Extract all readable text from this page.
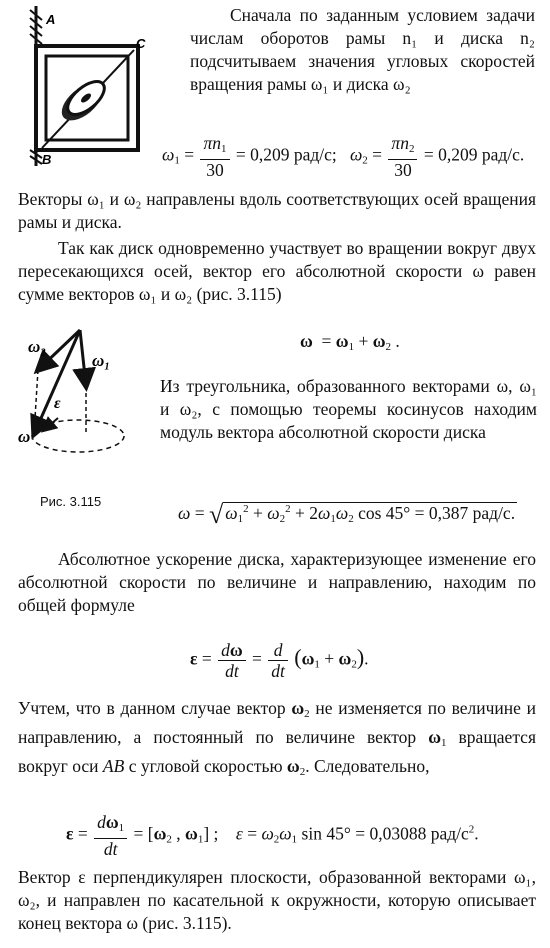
A
C
B

Сначала по заданным условием задачи числам оборотов рамы n₁ и диска n₂ подсчитываем значения угловых скоростей вращения рамы ω₁ и диска ω₂

$\omega_1 = \frac{\pi n_1}{30} = 0,209$ рад/с; $\omega_2 = \frac{\pi n_2}{30} = 0,209$ рад/с.

Векторы ω₁ и ω₂ направлены вдоль соответствующих осей вращения рамы и диска.

Так как диск одновременно участвует во вращении вокруг двух пересекающихся осей, вектор его абсолютной скорости ω равен сумме векторов ω₁ и ω₂ (рис. 3.115)

ω₂
ω₁
ε
ω
$\omega = \omega_1 + \omega_2$ .

Из треугольника, образованного векторами ω, ω₁ и ω₂, с помощью теоремы косинусов находим модуль вектора абсолютной скорости диска

Рис. 3.115
ω = √ $\omega_1^2 + \omega_2^2 + 2\omega_1\omega_2$ cos 45° = 0,387 рад/с.

Абсолютное ускорение диска, характеризующее изменение его абсолютной скорости по величине и направлению, находим по общей формуле

$\varepsilon = \frac{d\omega}{dt} = \frac{d}{dt} (\omega_1 + \omega_2)$.

Учтем, что в данном случае вектор $\omega_2$ не изменяется по величине и направлению, а постоянный по величине вектор $\omega_1$ вращается вокруг оси AB с угловой скоростью $\omega_2$. Следовательно,

$\varepsilon = \frac{d\omega_1}{dt} = [\omega_2$ , $\omega_1$] ;    $\varepsilon = \omega_2\omega_1$ sin 45° = 0,03088 рад/$с^2$.

Вектор ε перпендикулярен плоскости, образованной векторами ω₁, ω₂, и направлен по касательной к окружности, которую описывает конец вектора ω (рис. 3.115).
